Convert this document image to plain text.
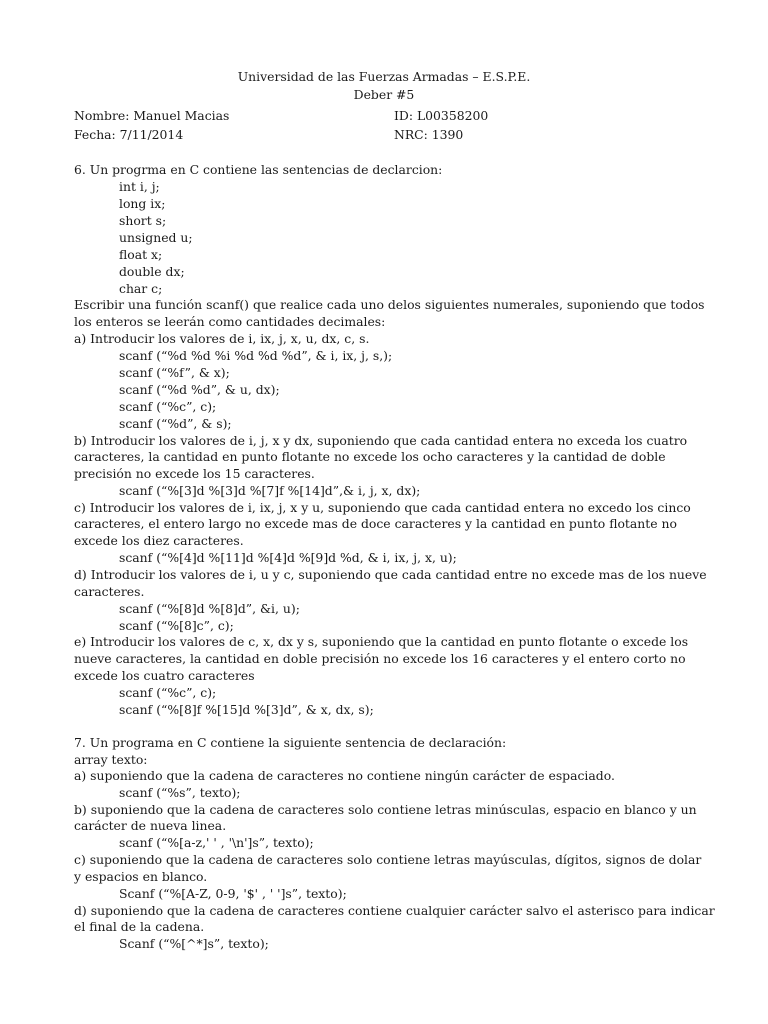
Universidad de las Fuerzas Armadas – E.S.P.E.
Deber #5
Nombre: Manuel Macias	ID: L00358200
Fecha: 7/11/2014	NRC: 1390
6. Un progrma en C contiene las sentencias de declarcion:
int i, j;
long ix;
short s;
unsigned u;
float x;
double dx;
char c;
Escribir una función scanf() que realice cada uno delos siguientes numerales, suponiendo que todos
los enteros se leerán como cantidades decimales:
a) Introducir los valores de i, ix, j, x, u, dx, c, s.
scanf (“%d %d %i %d %d %d”, & i, ix, j, s,);
scanf (“%f”, & x);
scanf (“%d %d”, & u, dx);
scanf (“%c”, c);
scanf (“%d”, & s);
b) Introducir los valores de i, j, x y dx, suponiendo que cada cantidad entera no exceda los cuatro
caracteres, la cantidad en punto flotante no excede los ocho caracteres y la cantidad de doble
precisión no excede los 15 caracteres.
scanf (“%[3]d %[3]d %[7]f %[14]d”,& i, j, x, dx);
c) Introducir los valores de i, ix, j, x y u, suponiendo que cada cantidad entera no excedo los cinco
caracteres, el entero largo no excede mas de doce caracteres y la cantidad en punto flotante no
excede los diez caracteres.
scanf (“%[4]d %[11]d %[4]d %[9]d %d, & i, ix, j, x, u);
d) Introducir los valores de i, u y c, suponiendo que cada cantidad entre no excede mas de los nueve
caracteres.
scanf (“%[8]d %[8]d”, &i, u);
scanf (“%[8]c”, c);
e) Introducir los valores de c, x, dx y s, suponiendo que la cantidad en punto flotante o excede los
nueve caracteres, la cantidad en doble precisión no excede los 16 caracteres y el entero corto no
excede los cuatro caracteres
scanf (“%c”, c);
scanf (“%[8]f %[15]d %[3]d”, & x, dx, s);
7. Un programa en C contiene la siguiente sentencia de declaración:
array texto:
a) suponiendo que la cadena de caracteres no contiene ningún carácter de espaciado.
scanf (“%s”, texto);
b) suponiendo que la cadena de caracteres solo contiene letras minúsculas, espacio en blanco y un
carácter de nueva linea.
scanf (“%[a-z,' ' , '\n']s”, texto);
c) suponiendo que la cadena de caracteres solo contiene letras mayúsculas, dígitos, signos de dolar
y espacios en blanco.
Scanf (“%[A-Z, 0-9, '$' , ' ']s”, texto);
d) suponiendo que la cadena de caracteres contiene cualquier carácter salvo el asterisco para indicar
el final de la cadena.
Scanf (“%[^*]s”, texto);
